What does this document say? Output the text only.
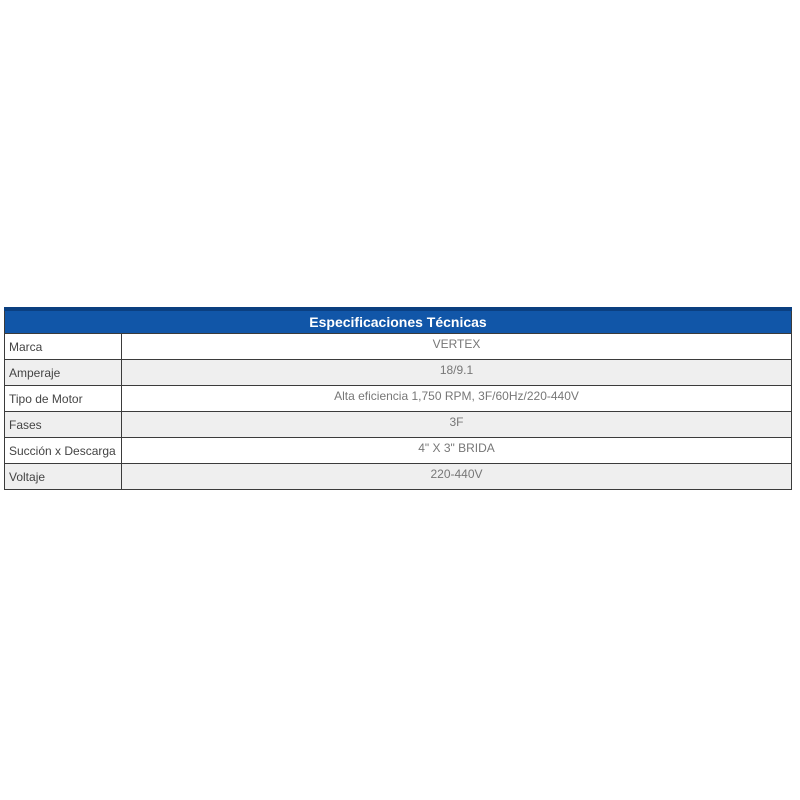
Especificaciones Técnicas	
Marca	VERTEX
Amperaje	18/9.1
Tipo de Motor	Alta eficiencia 1,750 RPM, 3F/60Hz/220-440V
Fases	3F
Succión x Descarga	4" X 3" BRIDA
Voltaje	220-440V
